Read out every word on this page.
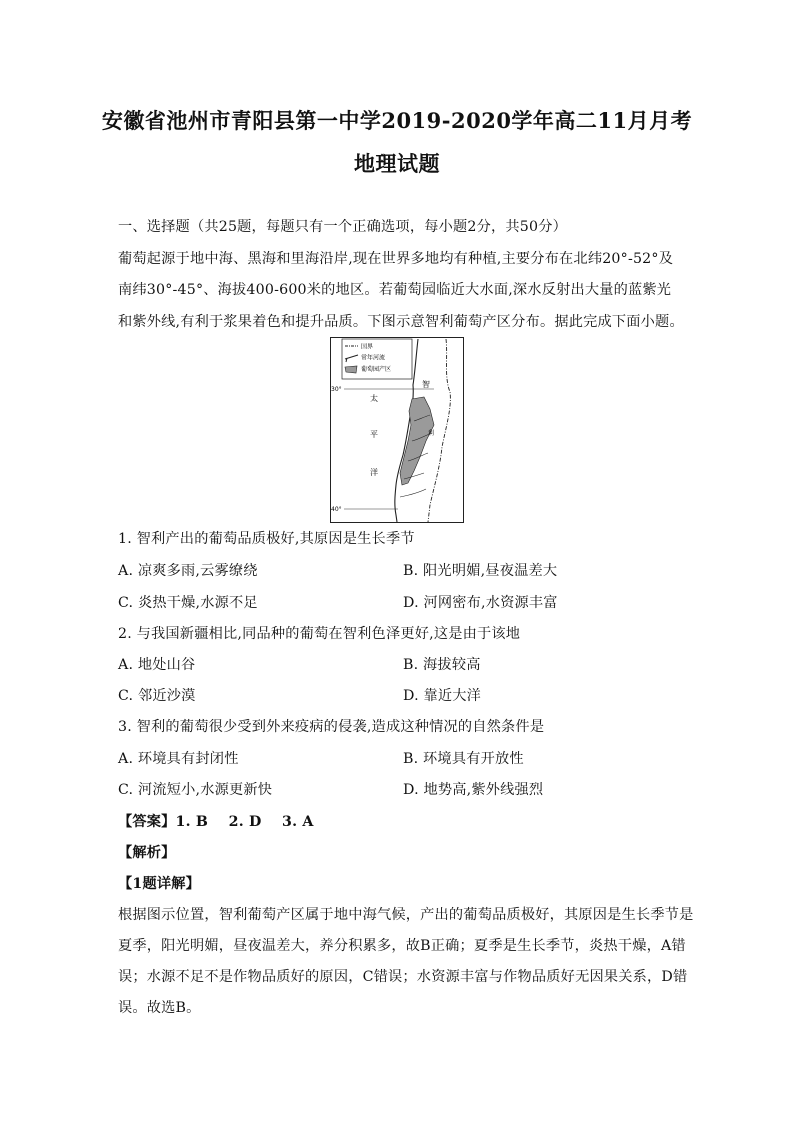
安徽省池州市青阳县第一中学2019-2020学年高二11月月考
地理试题
一、选择题（共25题，每题只有一个正确选项，每小题2分，共50分）
葡萄起源于地中海、黑海和里海沿岸,现在世界多地均有种植,主要分布在北纬20°-52°及
南纬30°-45°、海拔400-600米的地区。若葡萄园临近大水面,深水反射出大量的蓝紫光
和紫外线,有利于浆果着色和提升品质。下图示意智利葡萄产区分布。据此完成下面小题。
国界
常年河流
葡萄园产区
30°
40°
太
平
洋
智
利
1. 智利产出的葡萄品质极好,其原因是生长季节
A. 凉爽多雨,云雾缭绕	B. 阳光明媚,昼夜温差大
C. 炎热干燥,水源不足	D. 河网密布,水资源丰富
2. 与我国新疆相比,同品种的葡萄在智利色泽更好,这是由于该地
A. 地处山谷	B. 海拔较高
C. 邻近沙漠	D. 靠近大洋
3. 智利的葡萄很少受到外来疫病的侵袭,造成这种情况的自然条件是
A. 环境具有封闭性	B. 环境具有开放性
C. 河流短小,水源更新快	D. 地势高,紫外线强烈
【答案】1. B    2. D    3. A
【解析】
【1题详解】
根据图示位置，智利葡萄产区属于地中海气候，产出的葡萄品质极好，其原因是生长季节是
夏季，阳光明媚，昼夜温差大，养分积累多，故B正确；夏季是生长季节，炎热干燥，A错
误；水源不足不是作物品质好的原因，C错误；水资源丰富与作物品质好无因果关系，D错
误。故选B。
